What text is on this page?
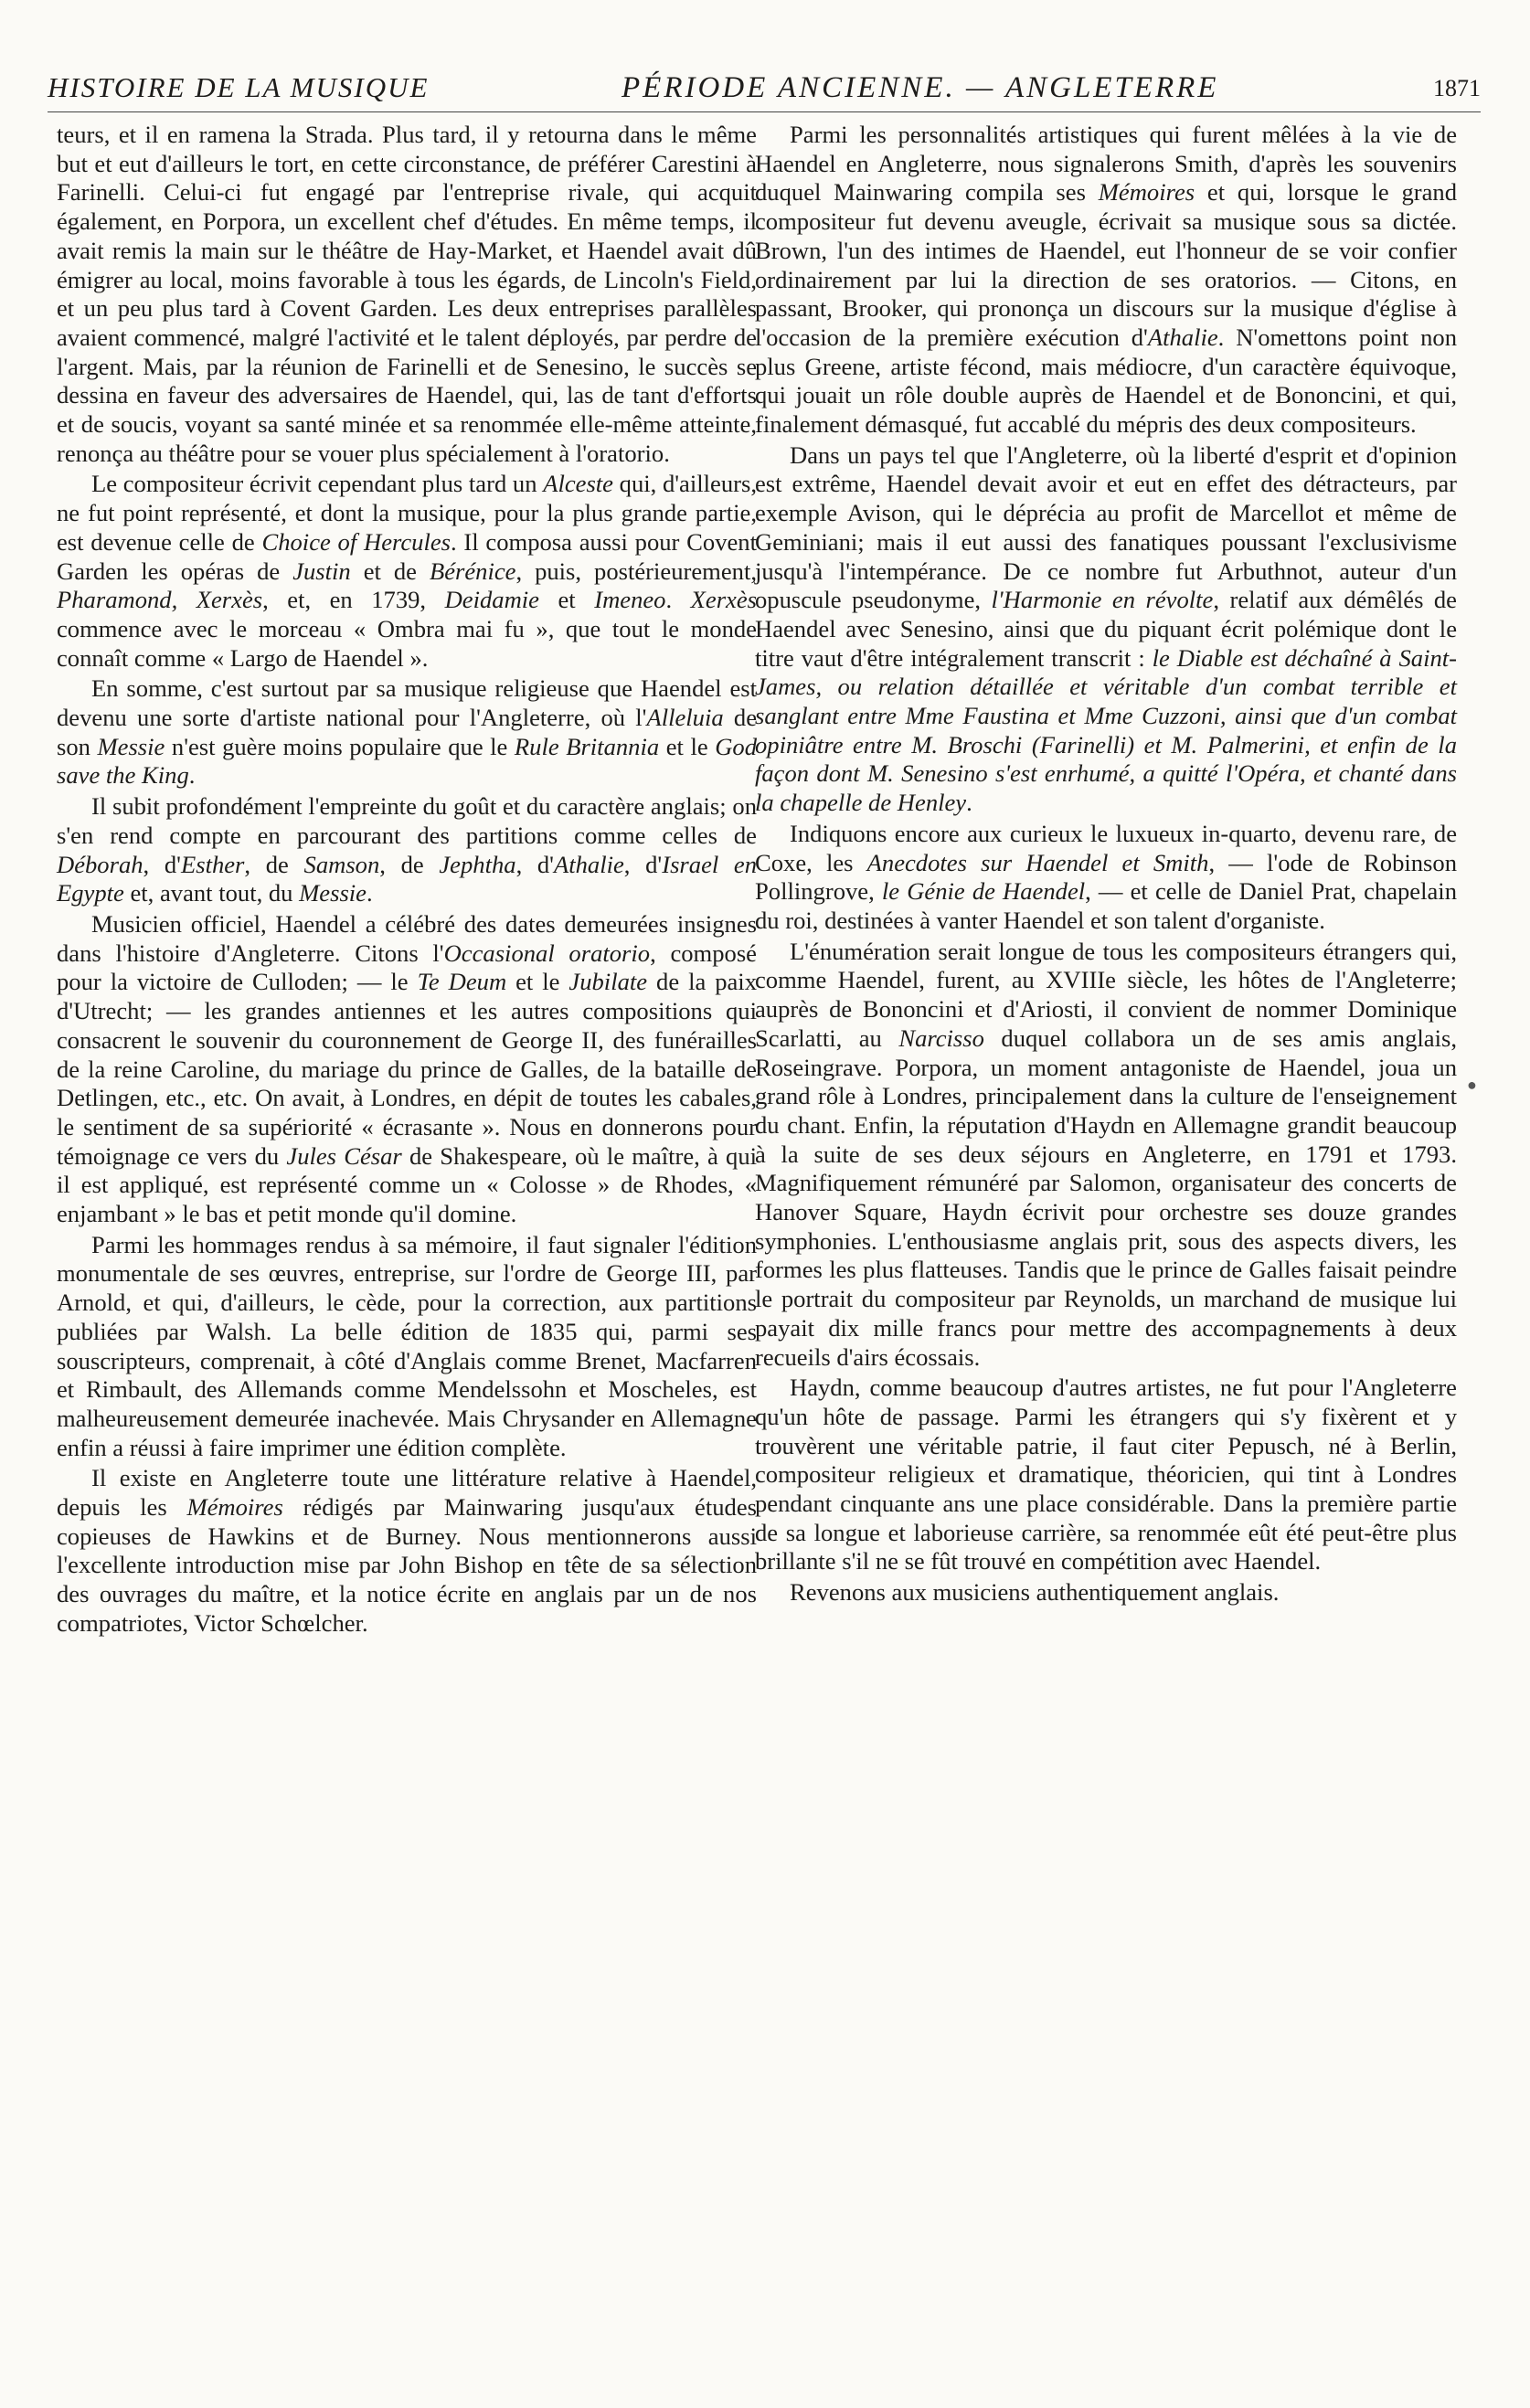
HISTOIRE DE LA MUSIQUE	PÉRIODE ANCIENNE. — ANGLETERRE	1871

teurs, et il en ramena la Strada. Plus tard, il y retourna dans le même but et eut d'ailleurs le tort, en cette circonstance, de préférer Carestini à Farinelli. Celui-ci fut engagé par l'entreprise rivale, qui acquit également, en Porpora, un excellent chef d'études. En même temps, il avait remis la main sur le théâtre de Hay-Market, et Haendel avait dû émigrer au local, moins favorable à tous les égards, de Lincoln's Field, et un peu plus tard à Covent Garden. Les deux entreprises parallèles avaient commencé, malgré l'activité et le talent déployés, par perdre de l'argent. Mais, par la réunion de Farinelli et de Senesino, le succès se dessina en faveur des adversaires de Haendel, qui, las de tant d'efforts et de soucis, voyant sa santé minée et sa renommée elle-même atteinte, renonça au théâtre pour se vouer plus spécialement à l'oratorio.

Le compositeur écrivit cependant plus tard un Alceste qui, d'ailleurs, ne fut point représenté, et dont la musique, pour la plus grande partie, est devenue celle de Choice of Hercules. Il composa aussi pour Covent Garden les opéras de Justin et de Bérénice, puis, postérieurement, Pharamond, Xerxès, et, en 1739, Deidamie et Imeneo. Xerxès commence avec le morceau « Ombra mai fu », que tout le monde connaît comme « Largo de Haendel ».

En somme, c'est surtout par sa musique religieuse que Haendel est devenu une sorte d'artiste national pour l'Angleterre, où l'Alleluia de son Messie n'est guère moins populaire que le Rule Britannia et le God save the King.

Il subit profondément l'empreinte du goût et du caractère anglais; on s'en rend compte en parcourant des partitions comme celles de Déborah, d'Esther, de Samson, de Jephtha, d'Athalie, d'Israel en Egypte et, avant tout, du Messie.

Musicien officiel, Haendel a célébré des dates demeurées insignes dans l'histoire d'Angleterre. Citons l'Occasional oratorio, composé pour la victoire de Culloden; — le Te Deum et le Jubilate de la paix d'Utrecht; — les grandes antiennes et les autres compositions qui consacrent le souvenir du couronnement de George II, des funérailles de la reine Caroline, du mariage du prince de Galles, de la bataille de Detlingen, etc., etc. On avait, à Londres, en dépit de toutes les cabales, le sentiment de sa supériorité « écrasante ». Nous en donnerons pour témoignage ce vers du Jules César de Shakespeare, où le maître, à qui il est appliqué, est représenté comme un « Colosse » de Rhodes, « enjambant » le bas et petit monde qu'il domine.

Parmi les hommages rendus à sa mémoire, il faut signaler l'édition monumentale de ses œuvres, entreprise, sur l'ordre de George III, par Arnold, et qui, d'ailleurs, le cède, pour la correction, aux partitions publiées par Walsh. La belle édition de 1835 qui, parmi ses souscripteurs, comprenait, à côté d'Anglais comme Brenet, Macfarren et Rimbault, des Allemands comme Mendelssohn et Moscheles, est malheureusement demeurée inachevée. Mais Chrysander en Allemagne enfin a réussi à faire imprimer une édition complète.

Il existe en Angleterre toute une littérature relative à Haendel, depuis les Mémoires rédigés par Mainwaring jusqu'aux études copieuses de Hawkins et de Burney. Nous mentionnerons aussi l'excellente introduction mise par John Bishop en tête de sa sélection des ouvrages du maître, et la notice écrite en anglais par un de nos compatriotes, Victor Schœlcher.

Parmi les personnalités artistiques qui furent mêlées à la vie de Haendel en Angleterre, nous signalerons Smith, d'après les souvenirs duquel Mainwaring compila ses Mémoires et qui, lorsque le grand compositeur fut devenu aveugle, écrivait sa musique sous sa dictée. Brown, l'un des intimes de Haendel, eut l'honneur de se voir confier ordinairement par lui la direction de ses oratorios. — Citons, en passant, Brooker, qui prononça un discours sur la musique d'église à l'occasion de la première exécution d'Athalie. N'omettons point non plus Greene, artiste fécond, mais médiocre, d'un caractère équivoque, qui jouait un rôle double auprès de Haendel et de Bononcini, et qui, finalement démasqué, fut accablé du mépris des deux compositeurs.

Dans un pays tel que l'Angleterre, où la liberté d'esprit et d'opinion est extrême, Haendel devait avoir et eut en effet des détracteurs, par exemple Avison, qui le déprécia au profit de Marcellot et même de Geminiani; mais il eut aussi des fanatiques poussant l'exclusivisme jusqu'à l'intempérance. De ce nombre fut Arbuthnot, auteur d'un opuscule pseudonyme, l'Harmonie en révolte, relatif aux démêlés de Haendel avec Senesino, ainsi que du piquant écrit polémique dont le titre vaut d'être intégralement transcrit : le Diable est déchaîné à Saint-James, ou relation détaillée et véritable d'un combat terrible et sanglant entre Mme Faustina et Mme Cuzzoni, ainsi que d'un combat opiniâtre entre M. Broschi (Farinelli) et M. Palmerini, et enfin de la façon dont M. Senesino s'est enrhumé, a quitté l'Opéra, et chanté dans la chapelle de Henley.

Indiquons encore aux curieux le luxueux in-quarto, devenu rare, de Coxe, les Anecdotes sur Haendel et Smith, — l'ode de Robinson Pollingrove, le Génie de Haendel, — et celle de Daniel Prat, chapelain du roi, destinées à vanter Haendel et son talent d'organiste.

L'énumération serait longue de tous les compositeurs étrangers qui, comme Haendel, furent, au XVIIIe siècle, les hôtes de l'Angleterre; auprès de Bononcini et d'Ariosti, il convient de nommer Dominique Scarlatti, au Narcisso duquel collabora un de ses amis anglais, Roseingrave. Porpora, un moment antagoniste de Haendel, joua un grand rôle à Londres, principalement dans la culture de l'enseignement du chant. Enfin, la réputation d'Haydn en Allemagne grandit beaucoup à la suite de ses deux séjours en Angleterre, en 1791 et 1793. Magnifiquement rémunéré par Salomon, organisateur des concerts de Hanover Square, Haydn écrivit pour orchestre ses douze grandes symphonies. L'enthousiasme anglais prit, sous des aspects divers, les formes les plus flatteuses. Tandis que le prince de Galles faisait peindre le portrait du compositeur par Reynolds, un marchand de musique lui payait dix mille francs pour mettre des accompagnements à deux recueils d'airs écossais.

Haydn, comme beaucoup d'autres artistes, ne fut pour l'Angleterre qu'un hôte de passage. Parmi les étrangers qui s'y fixèrent et y trouvèrent une véritable patrie, il faut citer Pepusch, né à Berlin, compositeur religieux et dramatique, théoricien, qui tint à Londres pendant cinquante ans une place considérable. Dans la première partie de sa longue et laborieuse carrière, sa renommée eût été peut-être plus brillante s'il ne se fût trouvé en compétition avec Haendel.

Revenons aux musiciens authentiquement anglais.

●
